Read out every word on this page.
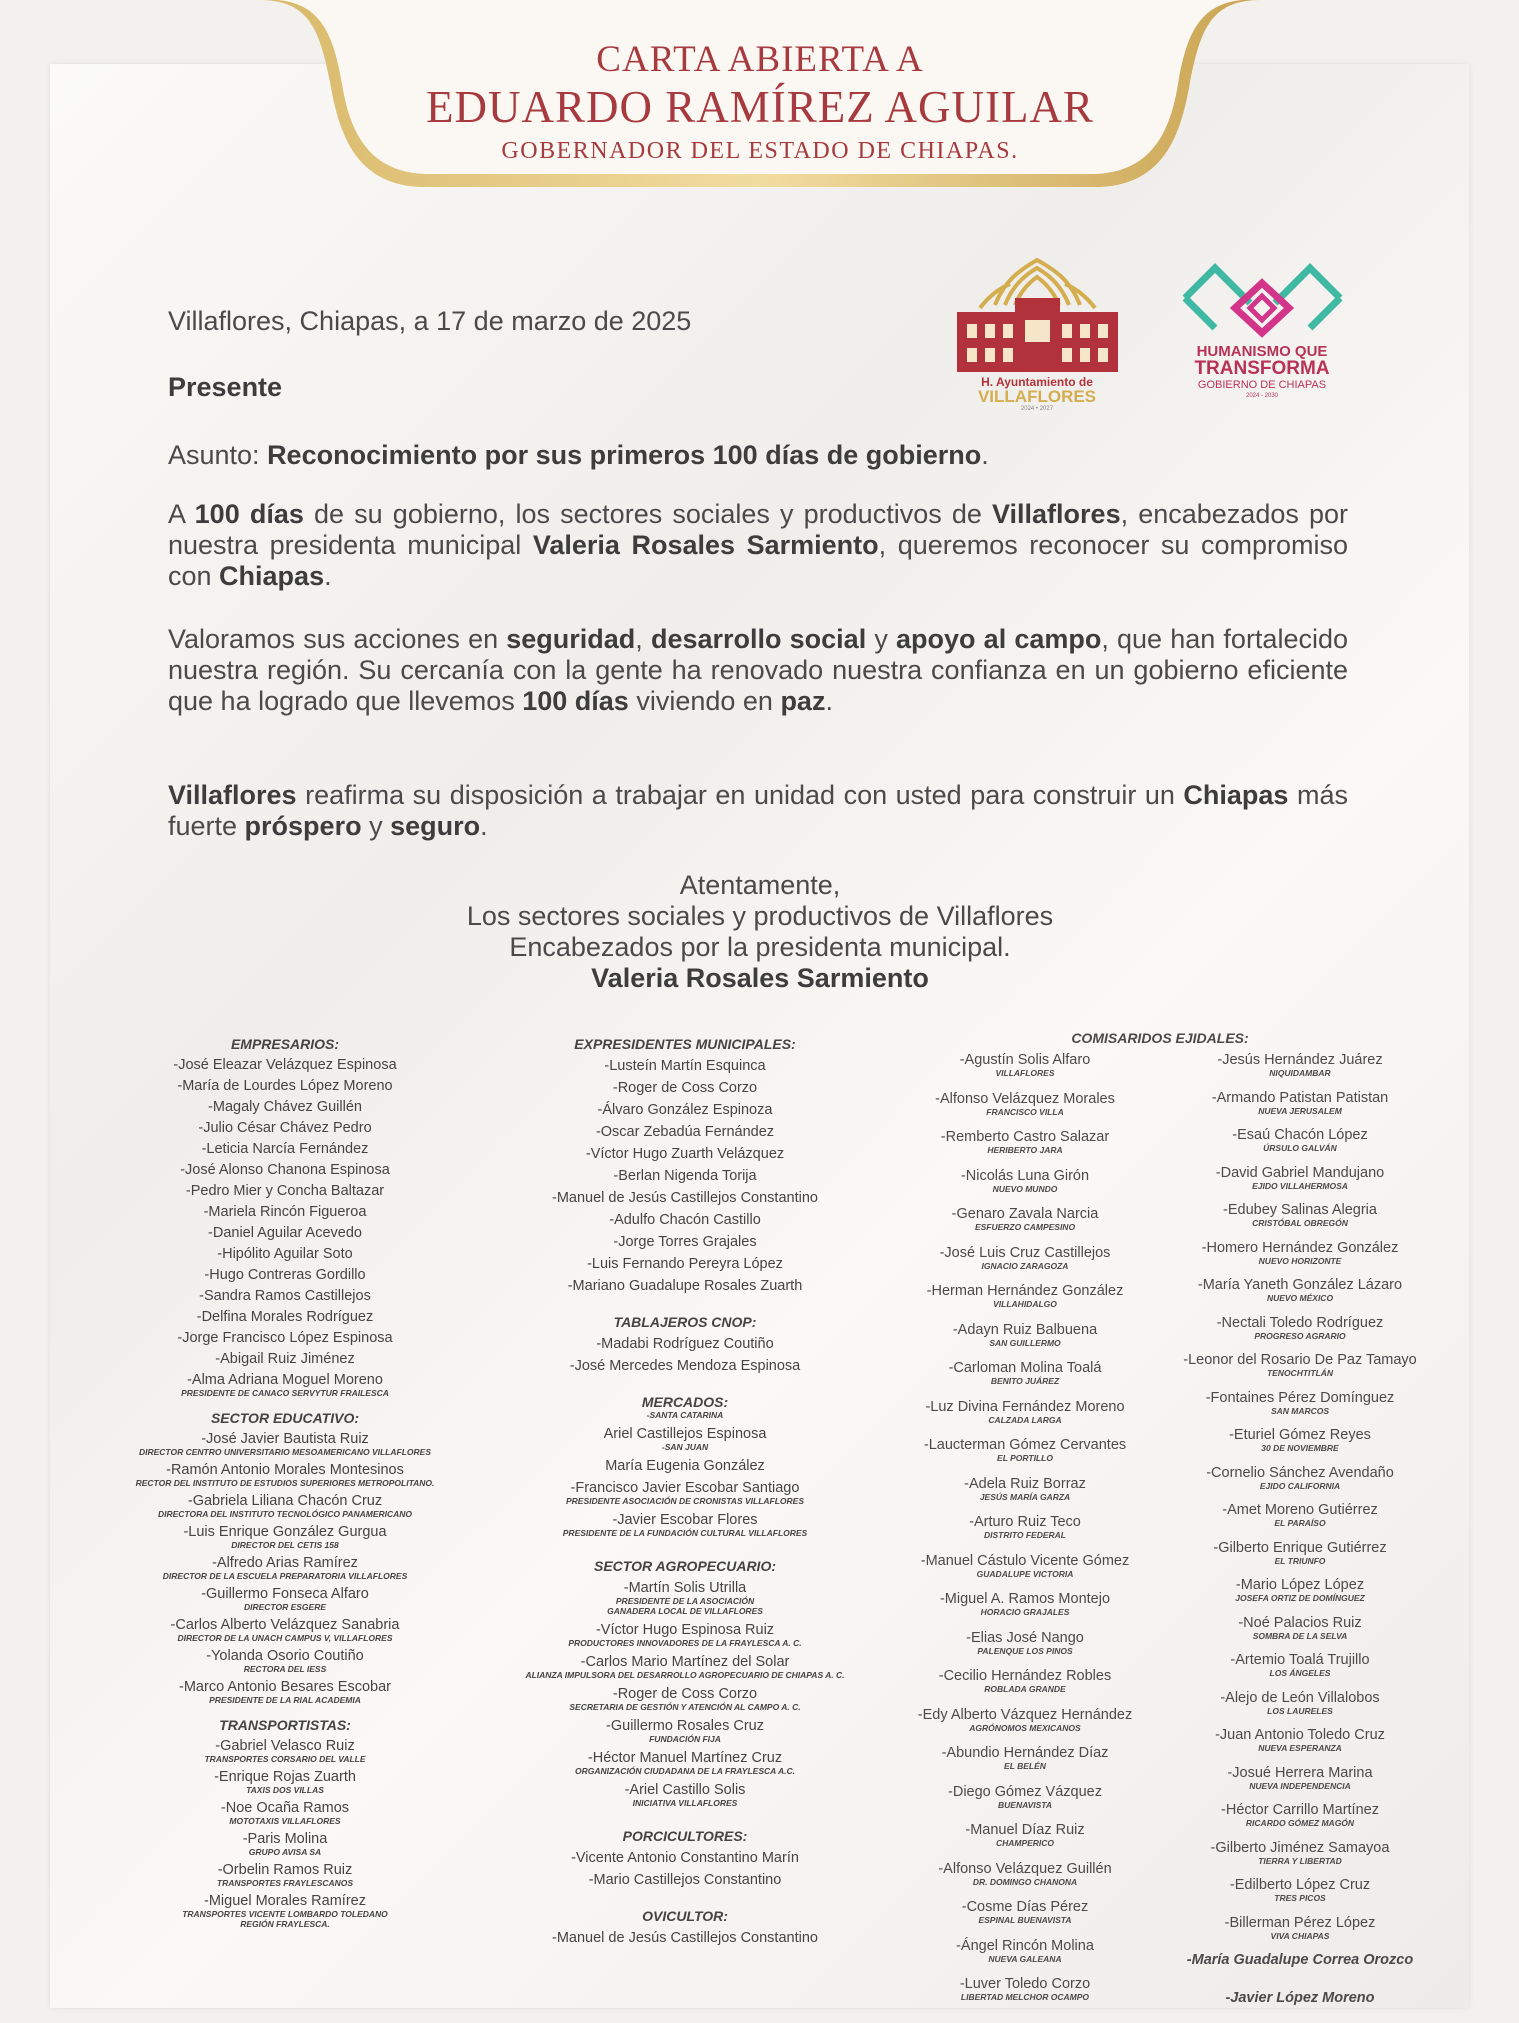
CARTA ABIERTA A
EDUARDO RAMÍREZ AGUILAR
GOBERNADOR DEL ESTADO DE CHIAPAS.
H. Ayuntamiento de
VILLAFLORES
2024 • 2027
HUMANISMO QUE
TRANSFORMA
GOBIERNO DE CHIAPAS
2024 - 2030
Villaflores, Chiapas, a 17 de marzo de 2025
Presente
Asunto: Reconocimiento por sus primeros 100 días de gobierno.
A 100 días de su gobierno, los sectores sociales y productivos de Villaflores, encabezados por nuestra presidenta municipal Valeria Rosales Sarmiento, queremos reconocer su compromiso con Chiapas.
Valoramos sus acciones en seguridad, desarrollo social y apoyo al campo, que han fortalecido nuestra región. Su cercanía con la gente ha renovado nuestra confianza en un gobierno eficiente que ha logrado que llevemos 100 días viviendo en paz.
Villaflores reafirma su disposición a trabajar en unidad con usted para construir un Chiapas más fuerte próspero y seguro.
Atentamente,
Los sectores sociales y productivos de Villaflores
Encabezados por la presidenta municipal.
Valeria Rosales Sarmiento
EMPRESARIOS:
-José Eleazar Velázquez Espinosa
-María de Lourdes López Moreno
-Magaly Chávez Guillén
-Julio César Chávez Pedro
-Leticia Narcía Fernández
-José Alonso Chanona Espinosa
-Pedro Mier y Concha Baltazar
-Mariela Rincón Figueroa
-Daniel Aguilar Acevedo
-Hipólito Aguilar Soto
-Hugo Contreras Gordillo
-Sandra Ramos Castillejos
-Delfina Morales Rodríguez
-Jorge Francisco López Espinosa
-Abigail Ruiz Jiménez
-Alma Adriana Moguel Moreno
PRESIDENTE DE CANACO SERVYTUR FRAILESCA
SECTOR EDUCATIVO:
-José Javier Bautista Ruiz
DIRECTOR CENTRO UNIVERSITARIO MESOAMERICANO VILLAFLORES
-Ramón Antonio Morales Montesinos
RECTOR DEL INSTITUTO DE ESTUDIOS SUPERIORES METROPOLITANO.
-Gabriela Liliana Chacón Cruz
DIRECTORA DEL INSTITUTO TECNOLÓGICO PANAMERICANO
-Luis Enrique González Gurgua
DIRECTOR DEL CETIS 158
-Alfredo Arias Ramírez
DIRECTOR DE LA ESCUELA PREPARATORIA VILLAFLORES
-Guillermo Fonseca Alfaro
DIRECTOR ESGERE
-Carlos Alberto Velázquez Sanabria
DIRECTOR DE LA UNACH CAMPUS V, VILLAFLORES
-Yolanda Osorio Coutiño
RECTORA DEL IESS
-Marco Antonio Besares Escobar
PRESIDENTE DE LA RIAL ACADEMIA
TRANSPORTISTAS:
-Gabriel Velasco Ruiz
TRANSPORTES CORSARIO DEL VALLE
-Enrique Rojas Zuarth
TAXIS DOS VILLAS
-Noe Ocaña Ramos
MOTOTAXIS VILLAFLORES
-Paris Molina
GRUPO AVISA SA
-Orbelin Ramos Ruiz
TRANSPORTES FRAYLESCANOS
-Miguel Morales Ramírez
TRANSPORTES VICENTE LOMBARDO TOLEDANO
REGIÓN FRAYLESCA.
EXPRESIDENTES MUNICIPALES:
-Lusteín Martín Esquinca
-Roger de Coss Corzo
-Álvaro González Espinoza
-Oscar Zebadúa Fernández
-Víctor Hugo Zuarth Velázquez
-Berlan Nigenda Torija
-Manuel de Jesús Castillejos Constantino
-Adulfo Chacón Castillo
-Jorge Torres Grajales
-Luis Fernando Pereyra López
-Mariano Guadalupe Rosales Zuarth
TABLAJEROS CNOP:
-Madabi Rodríguez Coutiño
-José Mercedes Mendoza Espinosa
MERCADOS:
-SANTA CATARINA
Ariel Castillejos Espinosa
-SAN JUAN
María Eugenia González
-Francisco Javier Escobar Santiago
PRESIDENTE ASOCIACIÓN DE CRONISTAS VILLAFLORES
-Javier Escobar Flores
PRESIDENTE DE LA FUNDACIÓN CULTURAL VILLAFLORES
SECTOR AGROPECUARIO:
-Martín Solis Utrilla
PRESIDENTE DE LA ASOCIACIÓN
GANADERA LOCAL DE VILLAFLORES
-Víctor Hugo Espinosa Ruiz
PRODUCTORES INNOVADORES DE LA FRAYLESCA A. C.
-Carlos Mario Martínez del Solar
ALIANZA IMPULSORA DEL DESARROLLO AGROPECUARIO DE CHIAPAS A. C.
-Roger de Coss Corzo
SECRETARIA DE GESTIÓN Y ATENCIÓN AL CAMPO A. C.
-Guillermo Rosales Cruz
FUNDACIÓN FIJA
-Héctor Manuel Martínez Cruz
ORGANIZACIÓN CIUDADANA DE LA FRAYLESCA A.C.
-Ariel Castillo Solis
INICIATIVA VILLAFLORES
PORCICULTORES:
-Vicente Antonio Constantino Marín
-Mario Castillejos Constantino
OVICULTOR:
-Manuel de Jesús Castillejos Constantino
COMISARIDOS EJIDALES:
-Agustín Solis Alfaro
VILLAFLORES
-Alfonso Velázquez Morales
FRANCISCO VILLA
-Remberto Castro Salazar
HERIBERTO JARA
-Nicolás Luna Girón
NUEVO MUNDO
-Genaro Zavala Narcia
ESFUERZO CAMPESINO
-José Luis Cruz Castillejos
IGNACIO ZARAGOZA
-Herman Hernández González
VILLAHIDALGO
-Adayn Ruiz Balbuena
SAN GUILLERMO
-Carloman Molina Toalá
BENITO JUÁREZ
-Luz Divina Fernández Moreno
CALZADA LARGA
-Laucterman Gómez Cervantes
EL PORTILLO
-Adela Ruiz Borraz
JESÚS MARÍA GARZA
-Arturo Ruiz Teco
DISTRITO FEDERAL
-Manuel Cástulo Vicente Gómez
GUADALUPE VICTORIA
-Miguel A. Ramos Montejo
HORACIO GRAJALES
-Elias José Nango
PALENQUE LOS PINOS
-Cecilio Hernández Robles
ROBLADA GRANDE
-Edy Alberto Vázquez Hernández
AGRÓNOMOS MEXICANOS
-Abundio Hernández Díaz
EL BELÉN
-Diego Gómez Vázquez
BUENAVISTA
-Manuel Díaz Ruiz
CHAMPERICO
-Alfonso Velázquez Guillén
DR. DOMINGO CHANONA
-Cosme Días Pérez
ESPINAL BUENAVISTA
-Ángel Rincón Molina
NUEVA GALEANA
-Luver Toledo Corzo
LIBERTAD MELCHOR OCAMPO
-Jesús Hernández Juárez
NIQUIDAMBAR
-Armando Patistan Patistan
NUEVA JERUSALEM
-Esaú Chacón López
ÚRSULO GALVÁN
-David Gabriel Mandujano
EJIDO VILLAHERMOSA
-Edubey Salinas Alegria
CRISTÓBAL OBREGÓN
-Homero Hernández González
NUEVO HORIZONTE
-María Yaneth González Lázaro
NUEVO MÉXICO
-Nectali Toledo Rodríguez
PROGRESO AGRARIO
-Leonor del Rosario De Paz Tamayo
TENOCHTITLÁN
-Fontaines Pérez Domínguez
SAN MARCOS
-Eturiel Gómez Reyes
30 DE NOVIEMBRE
-Cornelio Sánchez Avendaño
EJIDO CALIFORNIA
-Amet Moreno Gutiérrez
EL PARAÍSO
-Gilberto Enrique Gutiérrez
EL TRIUNFO
-Mario López López
JOSEFA ORTIZ DE DOMÍNGUEZ
-Noé Palacios Ruiz
SOMBRA DE LA SELVA
-Artemio Toalá Trujillo
LOS ÁNGELES
-Alejo de León Villalobos
LOS LAURELES
-Juan Antonio Toledo Cruz
NUEVA ESPERANZA
-Josué Herrera Marina
NUEVA INDEPENDENCIA
-Héctor Carrillo Martínez
RICARDO GÓMEZ MAGÓN
-Gilberto Jiménez Samayoa
TIERRA Y LIBERTAD
-Edilberto López Cruz
TRES PICOS
-Billerman Pérez López
VIVA CHIAPAS
-María Guadalupe Correa Orozco
-Javier López Moreno
